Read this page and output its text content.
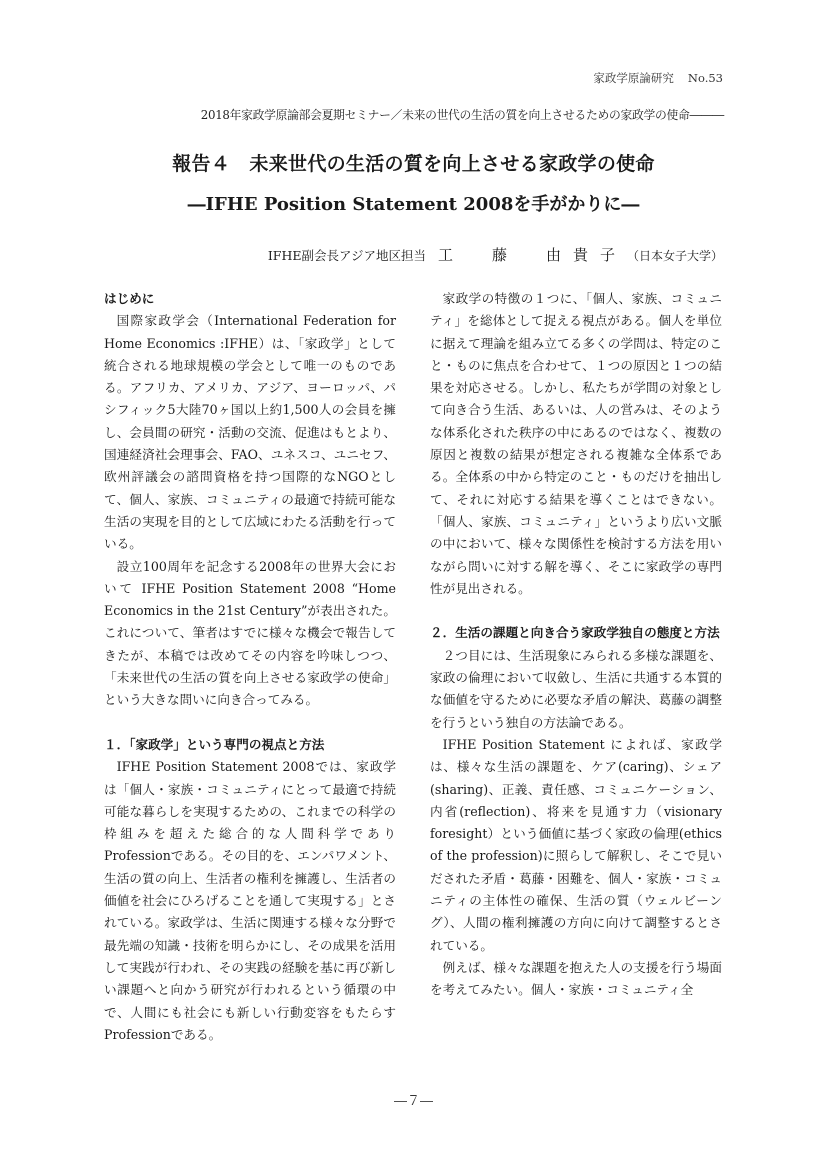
家政学原論研究 No.53
2018年家政学原論部会夏期セミナー／未来の世代の生活の質を向上させるための家政学の使命―――
報告４　未来世代の生活の質を向上させる家政学の使命
―IFHE Position Statement 2008を手がかりに―
IFHE副会長アジア地区担当 工　藤　由貴子（日本女子大学）
はじめに

国際家政学会（International Federation for Home Economics :IFHE）は、「家政学」として統合される地球規模の学会として唯一のものである。アフリカ、アメリカ、アジア、ヨーロッパ、パシフィック5大陸70ヶ国以上約1,500人の会員を擁し、会員間の研究・活動の交流、促進はもとより、国連経済社会理事会、FAO、ユネスコ、ユニセフ、欧州評議会の諮問資格を持つ国際的なNGOとして、個人、家族、コミュニティの最適で持続可能な生活の実現を目的として広域にわたる活動を行っている。

設立100周年を記念する2008年の世界大会において IFHE Position Statement 2008 “Home Economics in the 21st Century”が表出された。これについて、筆者はすでに様々な機会で報告してきたが、本稿では改めてその内容を吟味しつつ、「未来世代の生活の質を向上させる家政学の使命」という大きな問いに向き合ってみる。

１．「家政学」という専門の視点と方法

IFHE Position Statement 2008では、家政学は「個人・家族・コミュニティにとって最適で持続可能な暮らしを実現するための、これまでの科学の枠組みを超えた総合的な人間科学でありProfessionである。その目的を、エンパワメント、生活の質の向上、生活者の権利を擁護し、生活者の価値を社会にひろげることを通して実現する」とされている。家政学は、生活に関連する様々な分野で最先端の知識・技術を明らかにし、その成果を活用して実践が行われ、その実践の経験を基に再び新しい課題へと向かう研究が行われるという循環の中で、人間にも社会にも新しい行動変容をもたらすProfessionである。

家政学の特徴の１つに、「個人、家族、コミュニティ」を総体として捉える視点がある。個人を単位に据えて理論を組み立てる多くの学問は、特定のこと・ものに焦点を合わせて、１つの原因と１つの結果を対応させる。しかし、私たちが学問の対象として向き合う生活、あるいは、人の営みは、そのような体系化された秩序の中にあるのではなく、複数の原因と複数の結果が想定される複雑な全体系である。全体系の中から特定のこと・ものだけを抽出して、それに対応する結果を導くことはできない。「個人、家族、コミュニティ」というより広い文脈の中において、様々な関係性を検討する方法を用いながら問いに対する解を導く、そこに家政学の専門性が見出される。

２．生活の課題と向き合う家政学独自の態度と方法

２つ目には、生活現象にみられる多様な課題を、家政の倫理において収斂し、生活に共通する本質的な価値を守るために必要な矛盾の解決、葛藤の調整を行うという独自の方法論である。

IFHE Position Statement によれば、家政学は、様々な生活の課題を、ケア(caring)、シェア(sharing)、正義、責任感、コミュニケーション、内省(reflection)、将来を見通す力（visionary foresight）という価値に基づく家政の倫理(ethics of the profession)に照らして解釈し、そこで見いだされた矛盾・葛藤・困難を、個人・家族・コミュニティの主体性の確保、生活の質（ウェルビーング）、人間の権利擁護の方向に向けて調整するとされている。

例えば、様々な課題を抱えた人の支援を行う場面を考えてみたい。個人・家族・コミュニティ全

―７―
